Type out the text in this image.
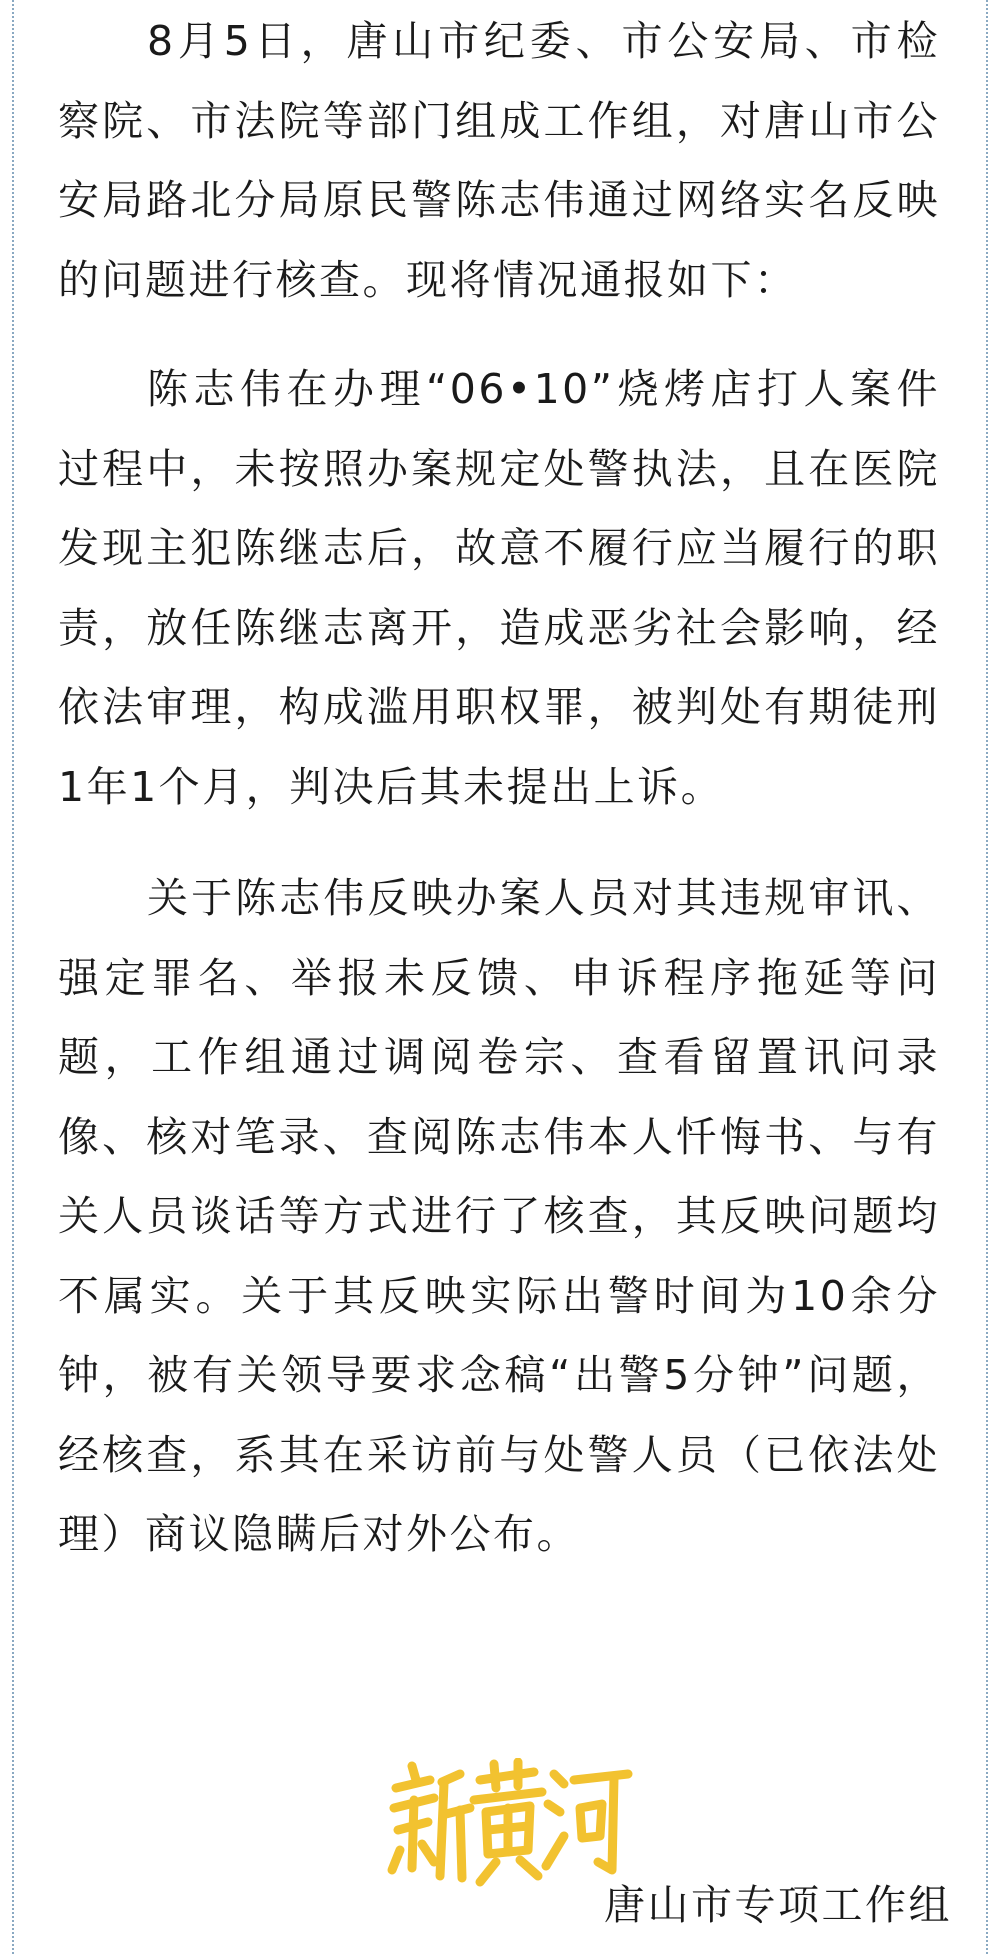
8月5日，唐山市纪委、市公安局、市检察院、市法院等部门组成工作组，对唐山市公安局路北分局原民警陈志伟通过网络实名反映的问题进行核查。现将情况通报如下：

陈志伟在办理“06•10”烧烤店打人案件过程中，未按照办案规定处警执法，且在医院发现主犯陈继志后，故意不履行应当履行的职责，放任陈继志离开，造成恶劣社会影响，经依法审理，构成滥用职权罪，被判处有期徒刑1年1个月，判决后其未提出上诉。

关于陈志伟反映办案人员对其违规审讯、强定罪名、举报未反馈、申诉程序拖延等问题，工作组通过调阅卷宗、查看留置讯问录像、核对笔录、查阅陈志伟本人忏悔书、与有关人员谈话等方式进行了核查，其反映问题均不属实。关于其反映实际出警时间为10余分钟，被有关领导要求念稿“出警5分钟”问题，经核查，系其在采访前与处警人员（已依法处理）商议隐瞒后对外公布。

唐山市专项工作组
